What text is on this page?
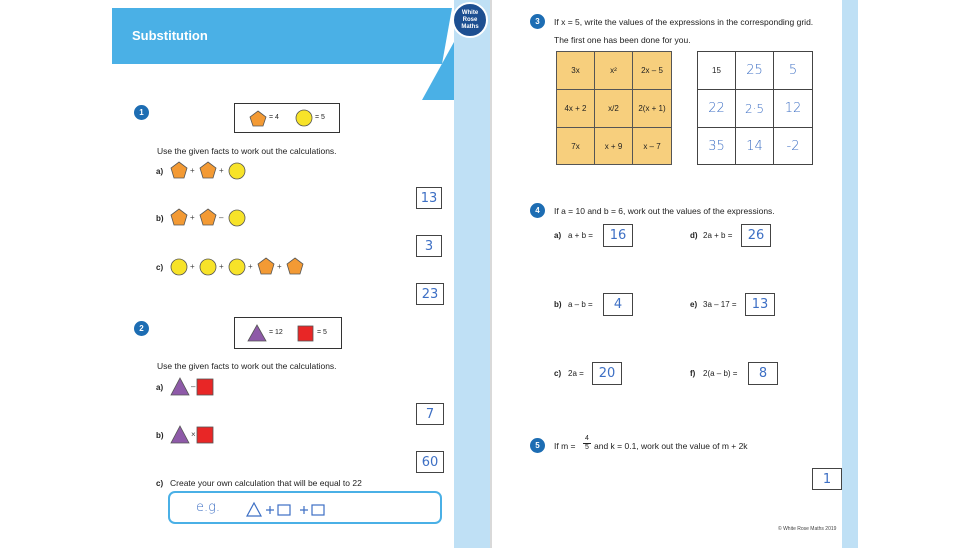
Substitution
White
Rose
Maths
1
= 4	= 5
Use the given facts to work out the calculations.
a)	+	+
13
b)	+	–
3
c)	+	+	+	+
23
2	= 12	= 5
Use the given facts to work out the calculations.
a)	–
7
b)	×
60
c) Create your own calculation that will be equal to 22
e.g.
3	If x = 5, write the values of the expressions in the corresponding grid.
The first one has been done for you.
3x	x²	2x – 5
4x + 2	x/2	2(x + 1)
7x	x + 9	x – 7
15	25	5
22	2·5	12
35	14	-2
4	If a = 10 and b = 6, work out the values of the expressions.
a) a + b =	16	d) 2a + b =	26
b) a – b =	4	e) 3a – 17 =	13
c) 2a =	20	f) 2(a – b) =	8
5	If m =
4
5 and k = 0.1, work out the value of m + 2k
1
© White Rose Maths 2019
